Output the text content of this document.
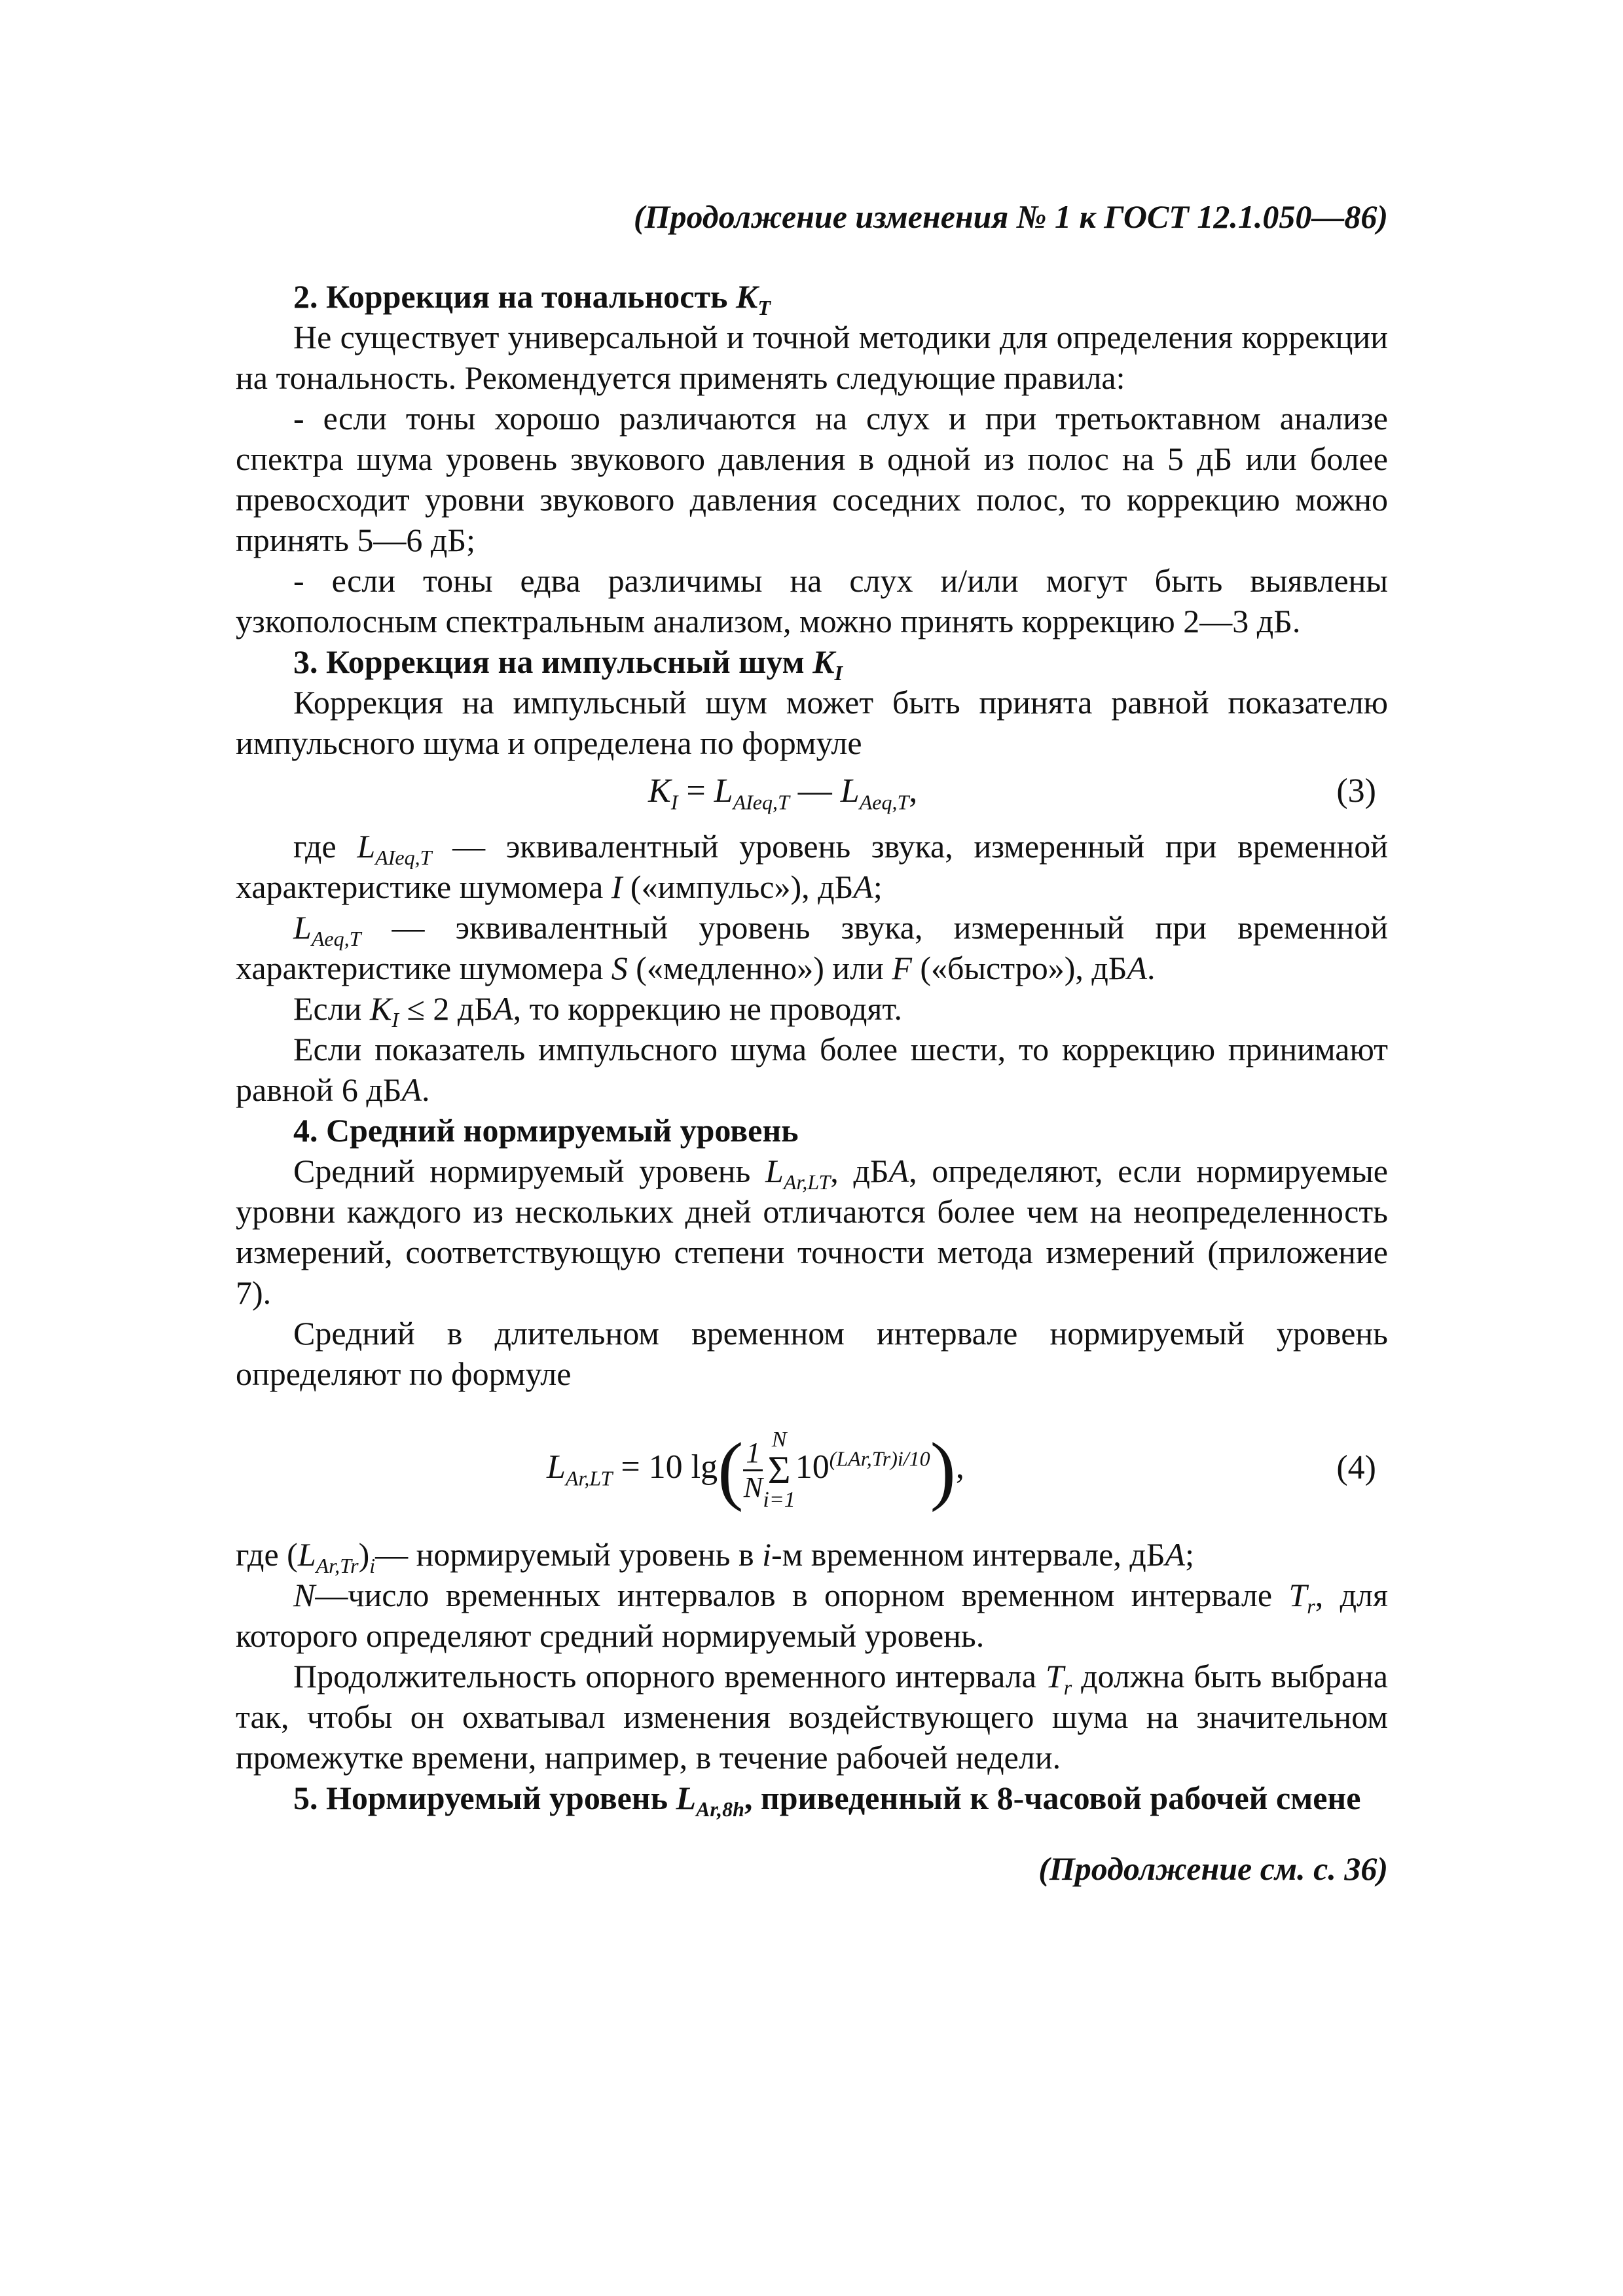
(Продолжение изменения № 1 к ГОСТ 12.1.050—86)

2. Коррекция на тональность $K_T$

Не существует универсальной и точной методики для определения коррекции на тональность. Рекомендуется применять следующие правила:

- если тоны хорошо различаются на слух и при третьоктавном анализе спектра шума уровень звукового давления в одной из полос на 5 дБ или более превосходит уровни звукового давления соседних полос, то коррекцию можно принять 5—6 дБ;

- если тоны едва различимы на слух и/или могут быть выявлены узкополосным спектральным анализом, можно принять коррекцию 2—3 дБ.

3. Коррекция на импульсный шум $K_I$

Коррекция на импульсный шум может быть принята равной показателю импульсного шума и определена по формуле

$K_I = L_{AIeq,T}$ — $L_{Aeq,T}$,	(3)

где $L_{AIeq,T}$ — эквивалентный уровень звука, измеренный при временной характеристике шумомера I («импульс»), дБA;

$L_{Aeq,T}$ — эквивалентный уровень звука, измеренный при временной характеристике шумомера S («медленно») или F («быстро»), дБA.

Если $K_I \le 2$ дБA, то коррекцию не проводят.

Если показатель импульсного шума более шести, то коррекцию принимают равной 6 дБA.

4. Средний нормируемый уровень

Средний нормируемый уровень $L_{Ar,LT}$, дБA, определяют, если нормируемые уровни каждого из нескольких дней отличаются более чем на неопределенность измерений, соответствующую степени точности метода измерений (приложение 7).

Средний в длительном временном интервале нормируемый уровень определяют по формуле

$L_{Ar,LT} = 10$ $\lg( \frac{1}{N}$ N
Σ
i=1
$10^{(LAr,Tr)i/10}$),	(4)

где $(L_{Ar,Tr})_i—$ нормируемый уровень в i-м временном интервале, дБA;

N—число временных интервалов в опорном временном интервале $T_r$, для которого определяют средний нормируемый уровень.

Продолжительность опорного временного интервала $T_r$ должна быть выбрана так, чтобы он охватывал изменения воздействующего шума на значительном промежутке времени, например, в течение рабочей недели.

5. Нормируемый уровень $L_{Ar,8h}$, приведенный к 8-часовой рабочей смене

(Продолжение см. с. 36)
